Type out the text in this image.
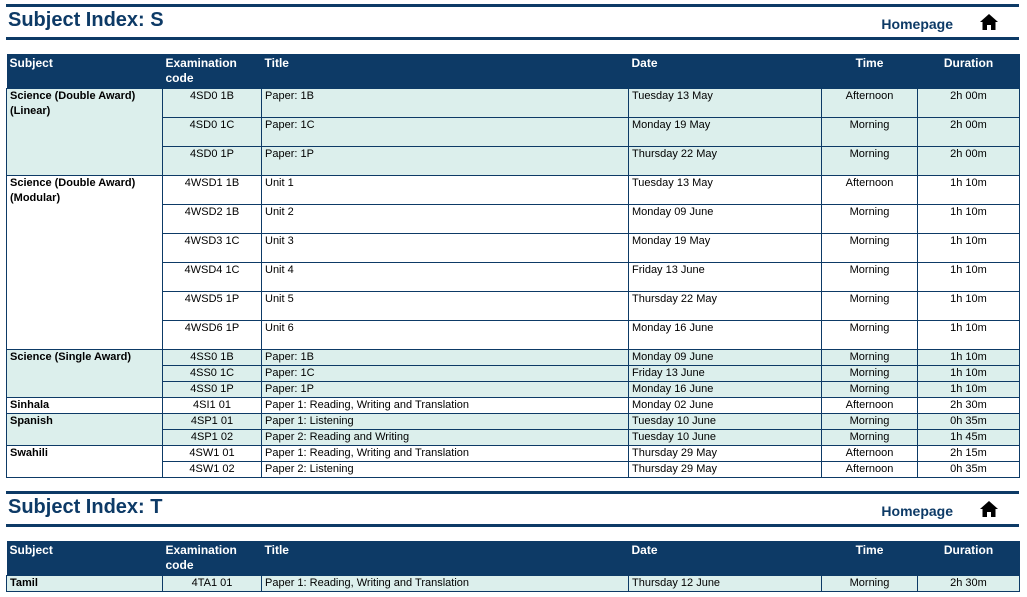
Subject Index: S	Homepage
Subject	Examination code	Title	Date	Time	Duration
Science (Double Award) (Linear)	4SD0 1B	Paper: 1B	Tuesday 13 May	Afternoon	2h 00m
	4SD0 1C	Paper: 1C	Monday 19 May	Morning	2h 00m
	4SD0 1P	Paper: 1P	Thursday 22 May	Morning	2h 00m
Science (Double Award) (Modular)	4WSD1 1B	Unit 1	Tuesday 13 May	Afternoon	1h 10m
	4WSD2 1B	Unit 2	Monday 09 June	Morning	1h 10m
	4WSD3 1C	Unit 3	Monday 19 May	Morning	1h 10m
	4WSD4 1C	Unit 4	Friday 13 June	Morning	1h 10m
	4WSD5 1P	Unit 5	Thursday 22 May	Morning	1h 10m
	4WSD6 1P	Unit 6	Monday 16 June	Morning	1h 10m
Science (Single Award)	4SS0 1B	Paper: 1B	Monday 09 June	Morning	1h 10m
	4SS0 1C	Paper: 1C	Friday 13 June	Morning	1h 10m
	4SS0 1P	Paper: 1P	Monday 16 June	Morning	1h 10m
Sinhala	4SI1 01	Paper 1: Reading, Writing and Translation	Monday 02 June	Afternoon	2h 30m
Spanish	4SP1 01	Paper 1: Listening	Tuesday 10 June	Morning	0h 35m
	4SP1 02	Paper 2: Reading and Writing	Tuesday 10 June	Morning	1h 45m
Swahili	4SW1 01	Paper 1: Reading, Writing and Translation	Thursday 29 May	Afternoon	2h 15m
	4SW1 02	Paper 2: Listening	Thursday 29 May	Afternoon	0h 35m
Subject Index: T	Homepage
Subject	Examination code	Title	Date	Time	Duration
Tamil	4TA1 01	Paper 1: Reading, Writing and Translation	Thursday 12 June	Morning	2h 30m
